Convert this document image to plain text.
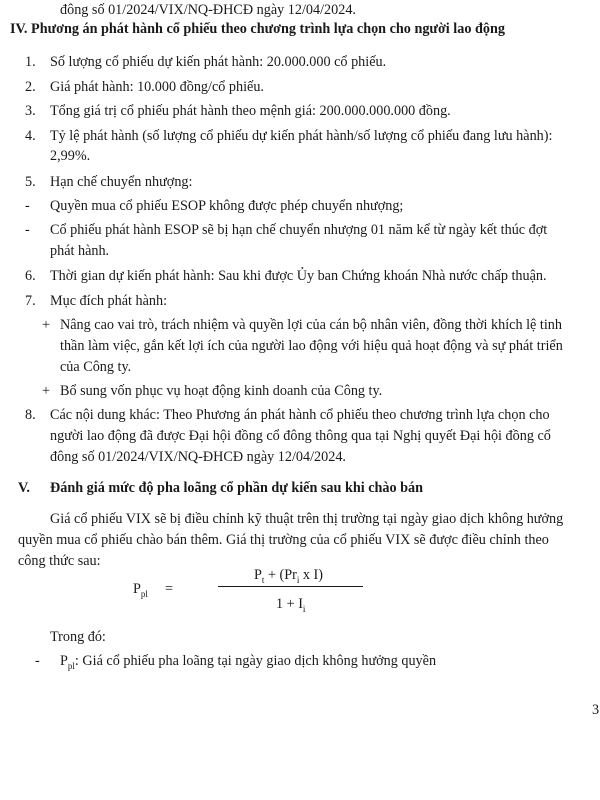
đông số 01/2024/VIX/NQ-ĐHCĐ ngày 12/04/2024.
IV. Phương án phát hành cổ phiếu theo chương trình lựa chọn cho người lao động
1. Số lượng cổ phiếu dự kiến phát hành: 20.000.000 cổ phiếu.
2. Giá phát hành: 10.000 đồng/cổ phiếu.
3. Tổng giá trị cổ phiếu phát hành theo mệnh giá: 200.000.000.000 đồng.
4. Tỷ lệ phát hành (số lượng cổ phiếu dự kiến phát hành/số lượng cổ phiếu đang lưu hành):
2,99%.
5. Hạn chế chuyển nhượng:
- Quyền mua cổ phiếu ESOP không được phép chuyển nhượng;
- Cổ phiếu phát hành ESOP sẽ bị hạn chế chuyển nhượng 01 năm kể từ ngày kết thúc đợt
phát hành.
6. Thời gian dự kiến phát hành: Sau khi được Ủy ban Chứng khoán Nhà nước chấp thuận.
7. Mục đích phát hành:
+ Nâng cao vai trò, trách nhiệm và quyền lợi của cán bộ nhân viên, đồng thời khích lệ tinh
thần làm việc, gắn kết lợi ích của người lao động với hiệu quả hoạt động và sự phát triển
của Công ty.
+ Bổ sung vốn phục vụ hoạt động kinh doanh của Công ty.
8. Các nội dung khác: Theo Phương án phát hành cổ phiếu theo chương trình lựa chọn cho
người lao động đã được Đại hội đồng cổ đông thông qua tại Nghị quyết Đại hội đồng cổ
đông số 01/2024/VIX/NQ-ĐHCĐ ngày 12/04/2024.
V. Đánh giá mức độ pha loãng cổ phần dự kiến sau khi chào bán
Giá cổ phiếu VIX sẽ bị điều chỉnh kỹ thuật trên thị trường tại ngày giao dịch không hưởng
quyền mua cổ phiếu chào bán thêm. Giá thị trường của cổ phiếu VIX sẽ được điều chỉnh theo
công thức sau:
$P_{pl}$ =
$P_t + (Pr_i$ x I)
$1 + I_i$
Trong đó:
- $P_{pl}$: Giá cổ phiếu pha loãng tại ngày giao dịch không hưởng quyền
3
